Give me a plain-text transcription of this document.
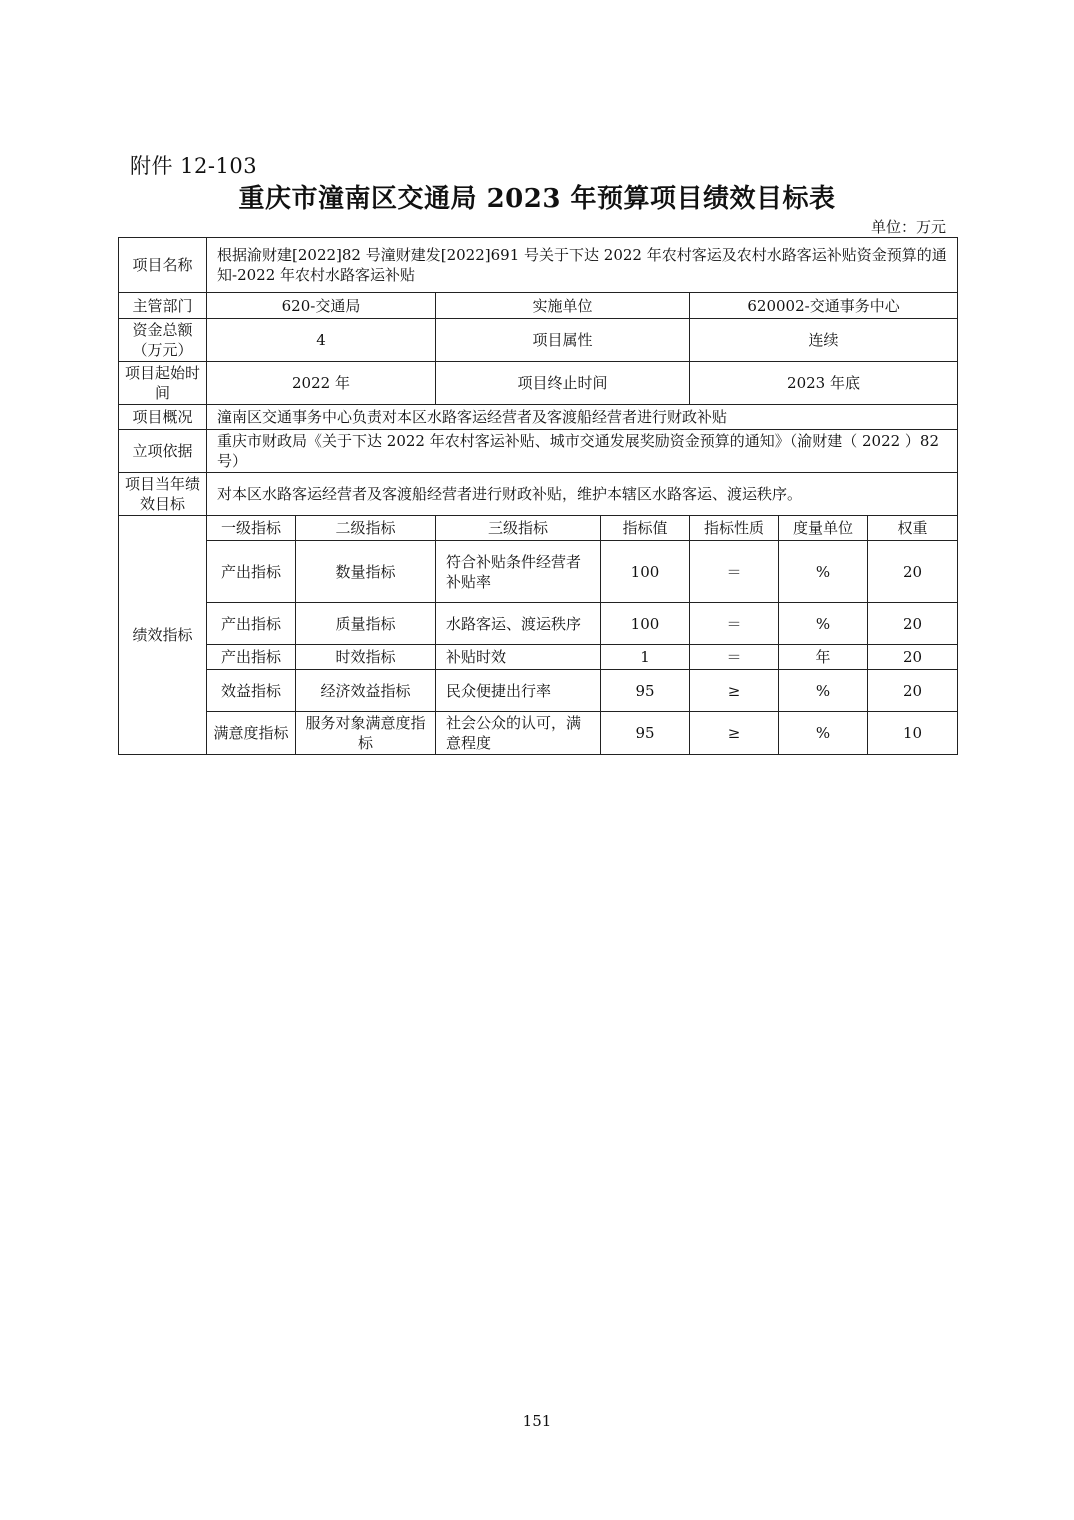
附件 12-103
重庆市潼南区交通局 2023 年预算项目绩效目标表
单位：万元
项目名称	根据渝财建[2022]82 号潼财建发[2022]691 号关于下达 2022 年农村客运及农村水路客运补贴资金预算的通知-2022 年农村水路客运补贴						
主管部门	620-交通局		实施单位		620002-交通事务中心		
资金总额（万元）	4		项目属性		连续		
项目起始时间	2022 年		项目终止时间		2023 年底		
项目概况	潼南区交通事务中心负责对本区水路客运经营者及客渡船经营者进行财政补贴						
立项依据	重庆市财政局《关于下达 2022 年农村客运补贴、城市交通发展奖励资金预算的通知》（渝财建（ 2022 ）82 号）						
项目当年绩效目标	对本区水路客运经营者及客渡船经营者进行财政补贴，维护本辖区水路客运、渡运秩序。						
绩效指标	一级指标	二级指标	三级指标	指标值	指标性质	度量单位	权重
	产出指标	数量指标	符合补贴条件经营者补贴率	100	＝	%	20
	产出指标	质量指标	水路客运、渡运秩序	100	＝	%	20
	产出指标	时效指标	补贴时效	1	＝	年	20
	效益指标	经济效益指标	民众便捷出行率	95	≥	%	20
	满意度指标	服务对象满意度指标	社会公众的认可，满意程度	95	≥	%	10
151
